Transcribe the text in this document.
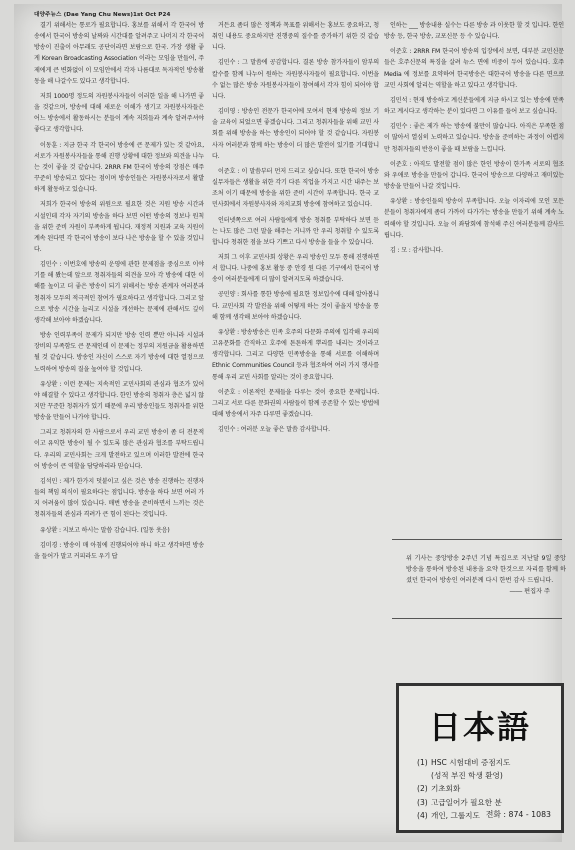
대양주뉴스 (Dae Yang Chu News)1st Oct P24

결기 위해서는 통로가 필요합니다. 홍보를 위해서 각 한국어 방송에서 한국어 방송의 날짜와 시간대를 알려주고 나머지 각 한국어 방송이 진출이 아무래도 공단이라면 보람으로 한국. 가장 생활 좋게 Korean Broadcasting Association 이라는 모임을 만들어, 주제에게 큰 변화없이 이 모임안에서 각자 나름대로 독자적인 방송활동을 해 나갈수도 있다고 생각합니다.

저희 1000명 정도의 자원봉사자들이 이러한 일을 해 나가면 좋을 것같으며, 방송에 대해 새로운 이해가 생기고 자원봉사자들은 어느 방송에서 활동하시는 분들이 계속 저희들과 계속 알려주셔야 좋다고 생각합니다.

이동훈 : 지금 한국 각 한국어 방송에 큰 문제가 있는 것 같아요, 서로가 자원봉사자들을 통해 진행 상황에 대한 정보와 의견을 나누는 것이 좋을 것 같습니다. 2RRR FM 한국어 방송의 장점은 매주 꾸준히 방송되고 있다는 점이며 방송인들은 자원봉사자로서 활발하게 활동하고 있습니다.

저희가 한국어 방송의 위원으로 필요한 것은 지원 방송 시간과 시설인데 각자 자기의 방송을 하다 보면 어떤 방송의 정보나 원칙을 위한 준비 자원이 부족하게 됩니다. 재정적 지원과 교육 지원이 계속 된다면 각 한국어 방송이 보다 나은 방송을 할 수 있을 것입니다.

김민수 : 이번호에 방송의 운영에 관한 문제점을 중심으로 이야기를 해 봤는데 앞으로 청취자들의 의견을 모아 각 방송에 대한 이해를 높이고 더 좋은 방송이 되기 위해서는 방송 관계자 여러분과 청취자 모두의 적극적인 참여가 필요하다고 생각합니다. 그리고 앞으로 방송 시간을 늘리고 시설을 개선하는 문제에 관해서도 깊이 생각해 보아야 하겠습니다.

방송 인력부족이 문제가 되지만 방송 인력 뿐만 아니라 시설과 장비의 부족함도 큰 문제인데 이 문제는 정부의 지원금을 활용하면 될 것 같습니다. 방송인 자신이 스스로 자기 방송에 대한 열정으로 노력하여 방송의 질을 높여야 할 것입니다.

유상환 : 이런 문제는 지속적인 교민사회의 관심과 협조가 있어야 해결할 수 있다고 생각합니다. 한인 방송의 청취자 층은 넓지 않지만 꾸준한 청취자가 있기 때문에 우리 방송인들도 청취자를 위한 방송을 만들어 나가야 합니다.

그리고 청취자의 한 사람으로서 우리 교민 방송이 좀 더 전문적이고 유익한 방송이 될 수 있도록 많은 관심과 협조를 부탁드립니다. 우리의 교민사회는 크게 발전하고 있으며 이러한 발전에 한국어 방송이 큰 역할을 담당하리라 믿습니다.

김석민 : 제가 한가지 덧붙이고 싶은 것은 방송 진행하는 진행자들의 책임 의식이 필요하다는 점입니다. 방송을 하다 보면 여러 가지 어려움이 많이 있습니다. 매번 방송을 준비하면서 느끼는 것은 청취자들의 관심과 격려가 큰 힘이 된다는 것입니다.

유상환 : 지보고 하시는 말씀 감습니다. (일동 웃음)

김미경 : 방송이 매 아침에 진행되어야 하니 하고 생각하면 방송을 들어가 말고 커피라도 우기 답

거든요 좀더 많은 정책과 목표를 위해서는 홍보도 중요하고, 청취인 내용도 중요하지만 진행중의 질수를 증가하기 위한 것 같습니다.

김민수 : 그 말씀에 공감합니다. 결론 방송 참가자들이 암부의 칼수를 함께 나누어 원하는 자원봉사자들이 필요합니다. 이번을 수 없는 많은 방송 자원봉사자들이 참여해서 각자 힘이 되어야 합니다.

김미영 : 방송인 전문가 한국어에 모여서 현재 방송의 정보 기술 교육이 되었으면 좋겠습니다. 그리고 청취자들을 위해 교민 사회를 위해 방송을 하는 방송인이 되어야 할 것 같습니다. 자원봉사자 여러분과 함께 하는 방송이 더 많은 발전이 있기를 기대합니다.

이준호 : 이 말씀부터 먼저 드리고 싶습니다. 또한 한국어 방송 실무자들은 생활을 위한 각기 다른 직업을 가지고 시간 내주는 보조처 이기 때문에 방송을 위한 준비 시간이 부족합니다. 한국 교민사회에서 자원봉사자와 자치교회 방송에 참여하고 있습니다.

인터넷쪽으로 여러 사람들에게 방송 청취를 부탁하다 보면 듣는 나도 많은 그런 말을 해주는 거니까 안 우리 청취할 수 있도록 합니다 청취한 점을 보다 기쁘고 다시 방송을 들을 수 있습니다.

저희 그 이후 교민사회 상황은 우리 방송인 모두 통해 진행하면서 합니다. 나중에 홍보 활동 중 안경 원 다른 기구에서 한국어 방송이 여러분들에게 더 많이 알려지도록 하겠습니다.

공민양 : 회사를 통한 방송에 필요한 정보입수에 대해 알아봅니다. 교민사회 각 발전을 위해 어떻게 하는 것이 좋을지 방송을 통해 함께 생각해 보아야 하겠습니다.

유상환 : 방송방송은 민족 호주의 다문화 주의에 입각해 우리의 고유문화를 간직하고 호주에 튼튼하게 뿌리를 내리는 것이라고 생각합니다. 그리고 다양한 민족방송을 통해 서로를 이해하며 Ethnic Communities Council 등과 협조하여 여러 가지 행사를 통해 우리 교민 사회를 알리는 것이 중요합니다.

이준호 : 이론적인 문제들을 다루는 것이 중요한 문제입니다. 그리고 서로 다른 문화권의 사람들이 함께 공존할 수 있는 방법에 대해 방송에서 자주 다루면 좋겠습니다.

김민수 : 여러분 오늘 좋은 말씀 감사합니다.

인하는 ___ 방송내용 실수는 다른 방송 과 이웃한 할 것 입니다. 한인 방송 등, 한국 방송, 교포신문 등 수 있습니다.

이준호 : 2RRR FM 한국어 방송의 입장에서 보면, 대부분 교민신문들은 호주신문의 특징을 살려 뉴스 면에 비중이 두어 있습니다. 호주 Media 에 정보를 요약하여 한국방송은 대한국어 방송을 다른 면으로 교민 사회에 알리는 역할을 하고 있다고 생각합니다.

김민석 : 현재 방송하고 계신분들에게 지금 하시고 있는 방송에 만족하고 계시다고 생각하는 분이 있다면 그 이유를 들어 보고 싶습니다.

김민수 : 좋은 제가 하는 방송에 불만이 많습니다. 아직은 부족한 점이 많아서 열심히 노력하고 있습니다. 방송을 준비하는 과정이 어렵지만 청취자들의 반응이 좋을 때 보람을 느낍니다.

이준호 : 아직도 발전할 점이 많은 한인 방송이 한가족 서로의 협조와 우애로 방송을 만들어 갑니다. 한국어 방송으로 다양하고 재미있는 방송을 만들어 나갈 것입니다.

유상환 : 방송인들의 방송이 부족합니다. 오늘 이자리에 모인 모든 분들이 청취자에게 좀더 가까이 다가가는 방송을 만들기 위해 계속 노력해야 할 것입니다. 오늘 이 좌담회에 참석해 주신 여러분들께 감사드립니다.

김 : 모 : 감사합니다.

위 기사는 중앙방송 2주년 기념 특집으로 지난달 9일 중앙방송을 통하여 방송된 내용을 요약 한것으로 자리를 함께 하셨던 한국어 방송인 여러분께 다시 한번 감사 드립니다.
―― 편집자 주
日本語
(1) HSC 시험대비 증점지도
(성적 부진 학생 환영)
(2) 기초회화
(3) 고급일어가 필요한 분
(4) 개인, 그룹지도 전화 : 874 - 1083
